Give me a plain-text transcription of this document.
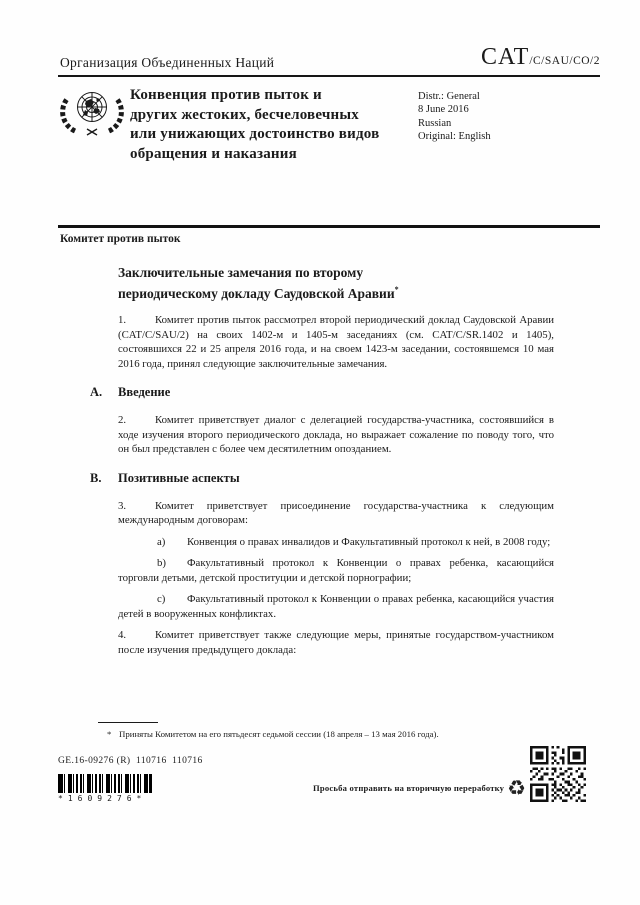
Организация Объединенных Наций	CAT /C/SAU/CO/2
Конвенция против пыток и
других жестоких, бесчеловечных
или унижающих достоинство видов
обращения и наказания
Distr.: General
8 June 2016
Russian
Original: English
Комитет против пыток
Заключительные замечания по второму
периодическому докладу Саудовской Аравии*

1.	Комитет против пыток рассмотрел второй периодический доклад Саудовской Аравии (CAT/C/SAU/2) на своих 1402-м и 1405-м заседаниях (см. CAT/C/SR.1402 и 1405), состоявшихся 22 и 25 апреля 2016 года, и на своем 1423-м заседании, состоявшемся 10 мая 2016 года, принял следующие заключительные замечания.

A.	Введение

2.	Комитет приветствует диалог с делегацией государства-участника, состоявшийся в ходе изучения второго периодического доклада, но выражает сожаление по поводу того, что он был представлен с более чем десятилетним опозданием.

B.	Позитивные аспекты

3.	Комитет приветствует присоединение государства-участника к следующим международным договорам:

a) Конвенция о правах инвалидов и Факультативный протокол к ней, в 2008 году;

b) Факультативный протокол к Конвенции о правах ребенка, касающийся торговли детьми, детской проституции и детской порнографии;

c) Факультативный протокол к Конвенции о правах ребенка, касающийся участия детей в вооруженных конфликтах.

4.	Комитет приветствует также следующие меры, принятые государством-участником после изучения предыдущего доклада:

* Приняты Комитетом на его пятьдесят седьмой сессии (18 апреля – 13 мая 2016 года).
GE.16-09276 (R)  110716  110716
*1609276*
Просьба отправить на вторичную переработку ♻
